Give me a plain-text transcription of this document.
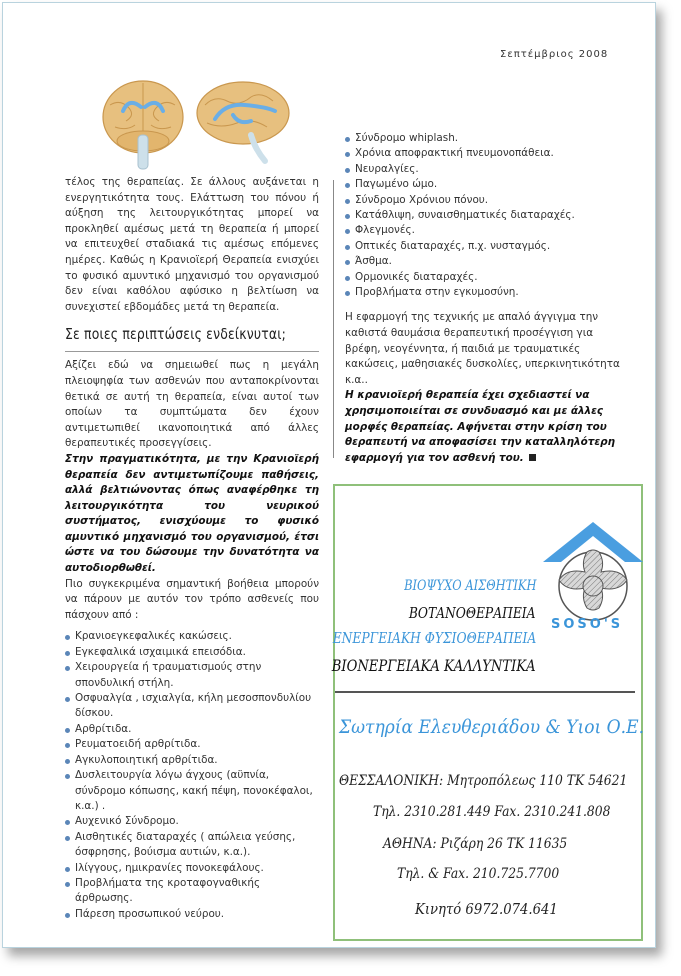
Σεπτέμβριος 2008

τέλος της θεραπείας. Σε άλλους αυξάνεται η ενεργητικότητα τους. Ελάττωση του πόνου ή αύξηση της λειτουργικότητας μπορεί να προκληθεί αμέσως μετά τη θεραπεία ή μπορεί να επιτευχθεί σταδιακά τις αμέσως επόμενες ημέρες. Καθώς η Κρανιοϊερή Θεραπεία ενισχύει το φυσικό αμυντικό μηχανισμό του οργανισμού δεν είναι καθόλου αφύσικο η βελτίωση να συνεχιστεί εβδομάδες μετά τη θεραπεία.

Σε ποιες περιπτώσεις ενδείκνυται;

Αξίζει εδώ να σημειωθεί πως η μεγάλη πλειοψηφία των ασθενών που ανταποκρίνονται θετικά σε αυτή τη θεραπεία, είναι αυτοί των οποίων τα συμπτώματα δεν έχουν αντιμετωπιθεί ικανοποιητικά από άλλες θεραπευτικές προσεγγίσεις.

Στην πραγματικότητα, με την Κρανιοϊερή θεραπεία δεν αντιμετωπίζουμε παθήσεις, αλλά βελτιώνοντας όπως αναφέρθηκε τη λειτουργικότητα του νευρικού συστήματος, ενισχύουμε το φυσικό αμυντικό μηχανισμό του οργανισμού, έτσι ώστε να του δώσουμε την δυνατότητα να αυτοδιορθωθεί.

Πιο συγκεκριμένα σημαντική βοήθεια μπορούν να πάρουν με αυτόν τον τρόπο ασθενείς που πάσχουν από :

Κρανιοεγκεφαλικές κακώσεις.
Εγκεφαλικά ισχαιμικά επεισόδια.
Χειρουργεία ή τραυματισμούς στην σπονδυλική στήλη.
Οσφυαλγία , ισχιαλγία, κήλη μεσοσπονδυλίου δίσκου.
Αρθρίτιδα.
Ρευματοειδή αρθρίτιδα.
Αγκυλοποιητική αρθρίτιδα.
Δυσλειτουργία λόγω άγχους (αϋπνία, σύνδρομο κόπωσης, κακή πέψη, πονοκέφαλοι, κ.α.) .
Αυχενικό Σύνδρομο.
Αισθητικές διαταραχές ( απώλεια γεύσης, όσφρησης, βούισμα αυτιών, κ.α.).
Ιλίγγους, ημικρανίες πονοκεφάλους.
Προβλήματα της κροταφογναθικής άρθρωσης.
Πάρεση προσωπικού νεύρου.
Σύνδρομο whiplash.
Χρόνια αποφρακτική πνευμονοπάθεια.
Νευραλγίες.
Παγωμένο ώμο.
Σύνδρομο Χρόνιου πόνου.
Κατάθλιψη, συναισθηματικές διαταραχές.
Φλεγμονές.
Οπτικές διαταραχές, π.χ. νυσταγμός.
Άσθμα.
Ορμονικές διαταραχές.
Προβλήματα στην εγκυμοσύνη.

Η εφαρμογή της τεχνικής με απαλό άγγιγμα την καθιστά θαυμάσια θεραπευτική προσέγγιση για βρέφη, νεογέννητα, ή παιδιά με τραυματικές κακώσεις, μαθησιακές δυσκολίες, υπερκινητικότητα κ.α..

Η κρανιοϊερή θεραπεία έχει σχεδιαστεί να χρησιμοποιείται σε συνδυασμό και με άλλες μορφές θεραπείας. Αφήνεται στην κρίση του θεραπευτή να αποφασίσει την καταλληλότερη εφαρμογή για τον ασθενή του.

SOSO'S
ΒΙΟΨΥΧΟ ΑΙΣΘΗΤΙΚΗ
ΒΟΤΑΝΟΘΕΡΑΠΕΙΑ
ΕΝΕΡΓΕΙΑΚΗ ΦΥΣΙΟΘΕΡΑΠΕΙΑ
ΒΙΟΝΕΡΓΕΙΑΚΑ ΚΑΛΛΥΝΤΙΚΑ
Σωτηρία Ελευθεριάδου & Υιοι Ο.Ε.
ΘΕΣΣΑΛΟΝΙΚΗ: Μητροπόλεως 110 ΤΚ 54621
Τηλ. 2310.281.449 Fax. 2310.241.808
ΑΘΗΝΑ: Ριζάρη 26 ΤΚ 11635
Τηλ. & Fax. 210.725.7700
Κινητό 6972.074.641
